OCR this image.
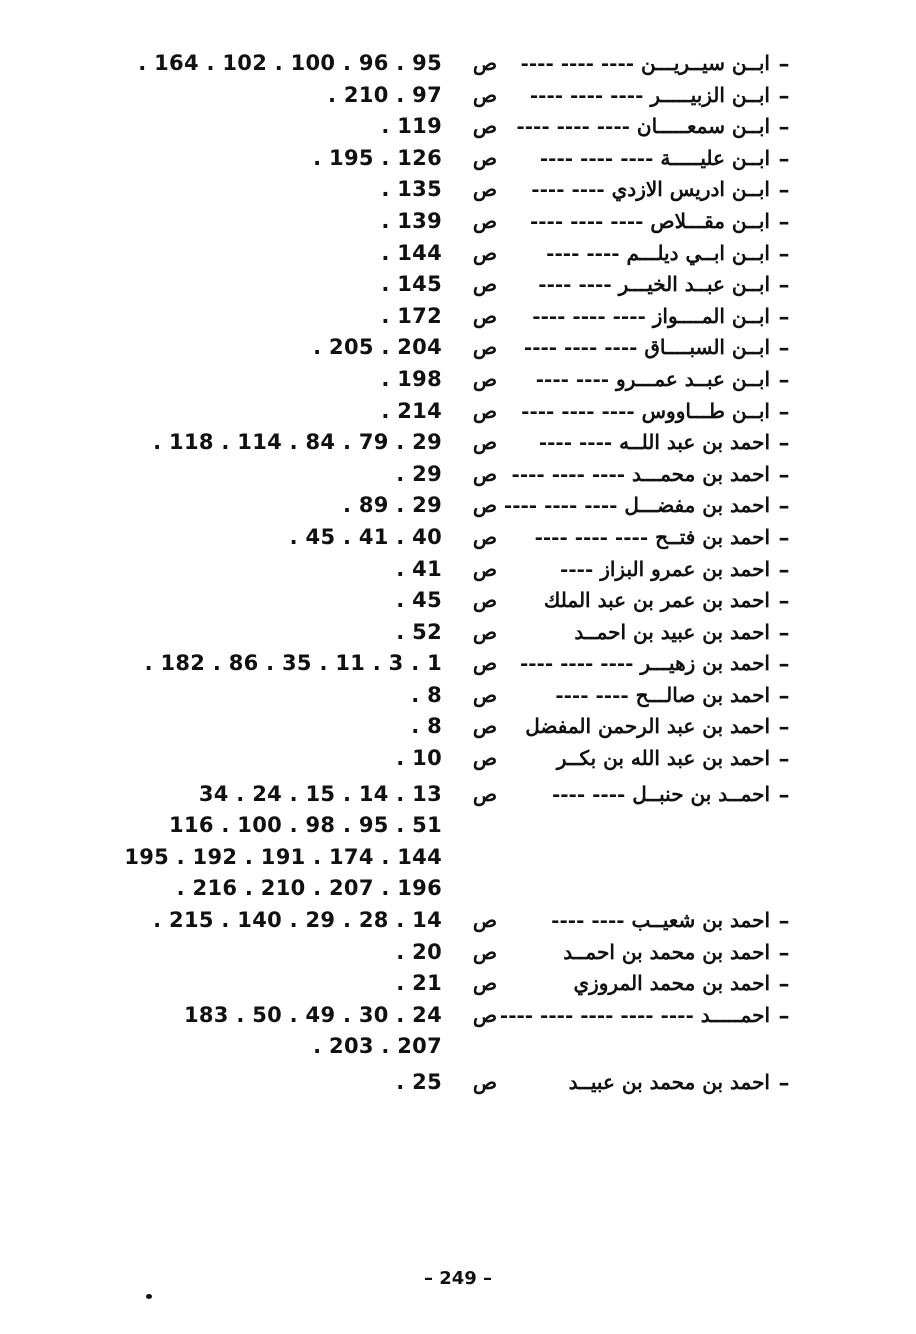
–
ابــن سيــريـــن ---- ---- ----
ص
. 164 . 102 . 100 . 96 . 95
–
ابــن الزبيـــــر ---- ---- ----
ص
. 210 . 97
–
ابــن سمعـــــان ---- ---- ----
ص
. 119
–
ابــن عليـــــة ---- ---- ----
ص
. 195 . 126
–
ابــن ادريس الازدي ---- ----
ص
. 135
–
ابــن مقـــلاص ---- ---- ----
ص
. 139
–
ابــن ابــي ديلـــم ---- ----
ص
. 144
–
ابــن عبــد الخيـــر ---- ----
ص
. 145
–
ابــن المــــواز ---- ---- ----
ص
. 172
–
ابــن السبــــاق ---- ---- ----
ص
. 205 . 204
–
ابــن عبــد عمـــرو ---- ----
ص
. 198
–
ابــن طـــاووس ---- ---- ----
ص
. 214
–
احمد بن عبد اللــه ---- ----
ص
. 118 . 114 . 84 . 79 . 29
–
احمد بن محمـــد ---- ---- ----
ص
. 29
–
احمد بن مفضـــل ---- ---- ----
ص
. 89 . 29
–
احمد بن فتــح ---- ---- ----
ص
. 45 . 41 . 40
–
احمد بن عمرو البزاز ----
ص
. 41
–
احمد بن عمر بن عبد الملك
ص
. 45
–
احمد بن عبيد بن احمــد
ص
. 52
–
احمد بن زهيـــر ---- ---- ----
ص
. 182 . 86 . 35 . 11 . 3 . 1
–
احمد بن صالـــح ---- ----
ص
. 8
–
احمد بن عبد الرحمن المفضل
ص
. 8
–
احمد بن عبد الله بن بكــر
ص
. 10
–
احمــد بن حنبــل ---- ----
ص
34 . 24 . 15 . 14 . 13
116 . 100 . 98 . 95 . 51
195 . 192 . 191 . 174 . 144
. 216 . 210 . 207 . 196
–
احمد بن شعيــب ---- ----
ص
. 215 . 140 . 29 . 28 . 14
–
احمد بن محمد بن احمــد
ص
. 20
–
احمد بن محمد المروزي
ص
. 21
–
احمـــــد ---- ---- ---- ---- ----
ص
183 . 50 . 49 . 30 . 24
. 203 . 207
–
احمد بن محمد بن عبيــد
ص
. 25
– 249 –
